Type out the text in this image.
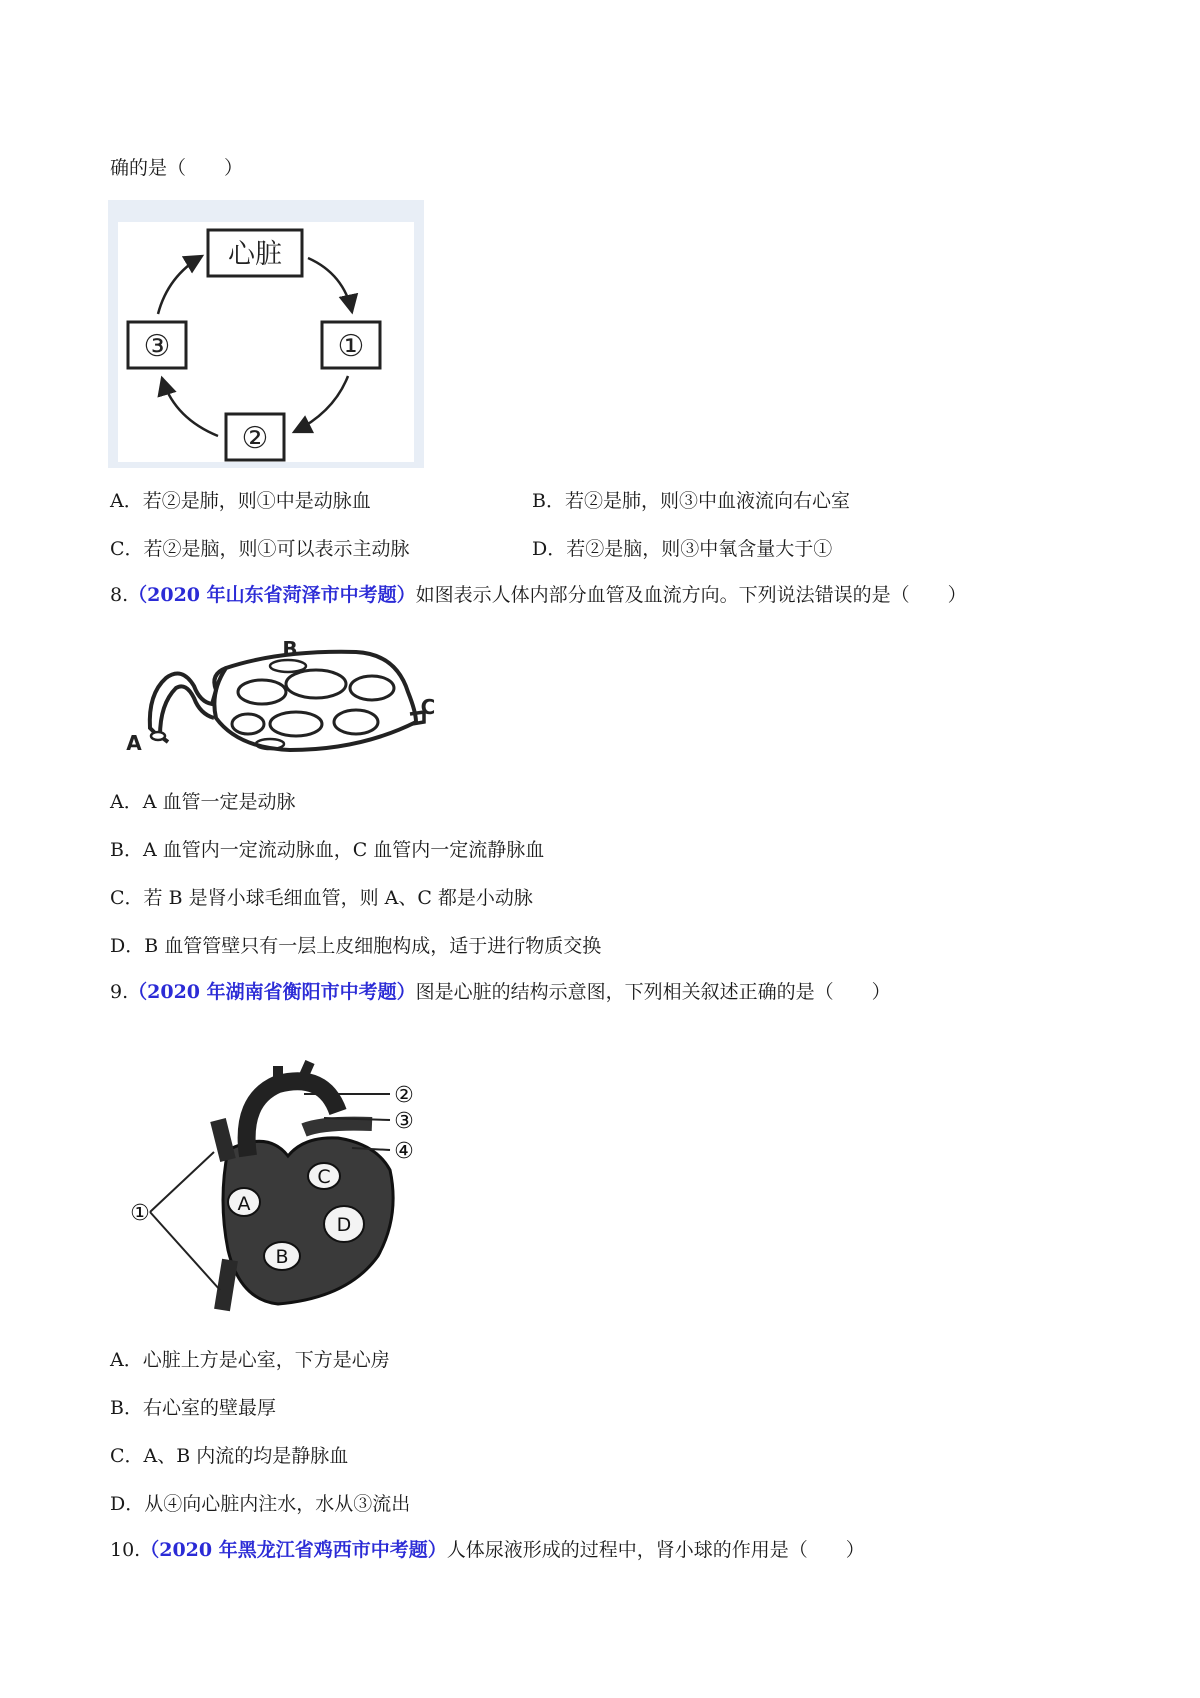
确的是（　　）
心脏
①
②
③
A．若②是肺，则①中是动脉血	B．若②是肺，则③中血液流向右心室
C．若②是脑，则①可以表示主动脉	D．若②是脑，则③中氧含量大于①
8.（2020 年山东省菏泽市中考题）如图表示人体内部分血管及血流方向。下列说法错误的是（　　）
A
B
C
A．A 血管一定是动脉
B．A 血管内一定流动脉血，C 血管内一定流静脉血
C．若 B 是肾小球毛细血管，则 A、C 都是小动脉
D．B 血管管壁只有一层上皮细胞构成，适于进行物质交换
9.（2020 年湖南省衡阳市中考题）图是心脏的结构示意图，下列相关叙述正确的是（　　）
A
B
C
D
①
②
③
④
A．心脏上方是心室，下方是心房
B．右心室的壁最厚
C．A、B 内流的均是静脉血
D．从④向心脏内注水，水从③流出
10.（2020 年黑龙江省鸡西市中考题）人体尿液形成的过程中，肾小球的作用是（　　）
